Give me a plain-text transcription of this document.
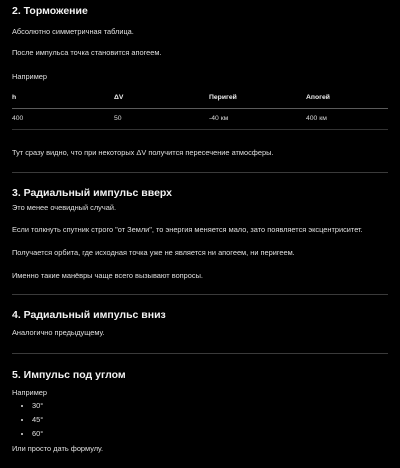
2. Торможение

Абсолютно симметричная таблица.

После импульса точка становится апогеем.

Например

h	ΔV	Перигей	Апогей
400	50	-40 км	400 км

Тут сразу видно, что при некоторых ΔV получится пересечение атмосферы.

3. Радиальный импульс вверх

Это менее очевидный случай.

Если толкнуть спутник строго "от Земли", то энергия меняется мало, зато появляется эксцентриситет.

Получается орбита, где исходная точка уже не является ни апогеем, ни перигеем.

Именно такие манёвры чаще всего вызывают вопросы.

4. Радиальный импульс вниз

Аналогично предыдущему.

5. Импульс под углом

Например

• 30°
• 45°
• 60°

Или просто дать формулу.
